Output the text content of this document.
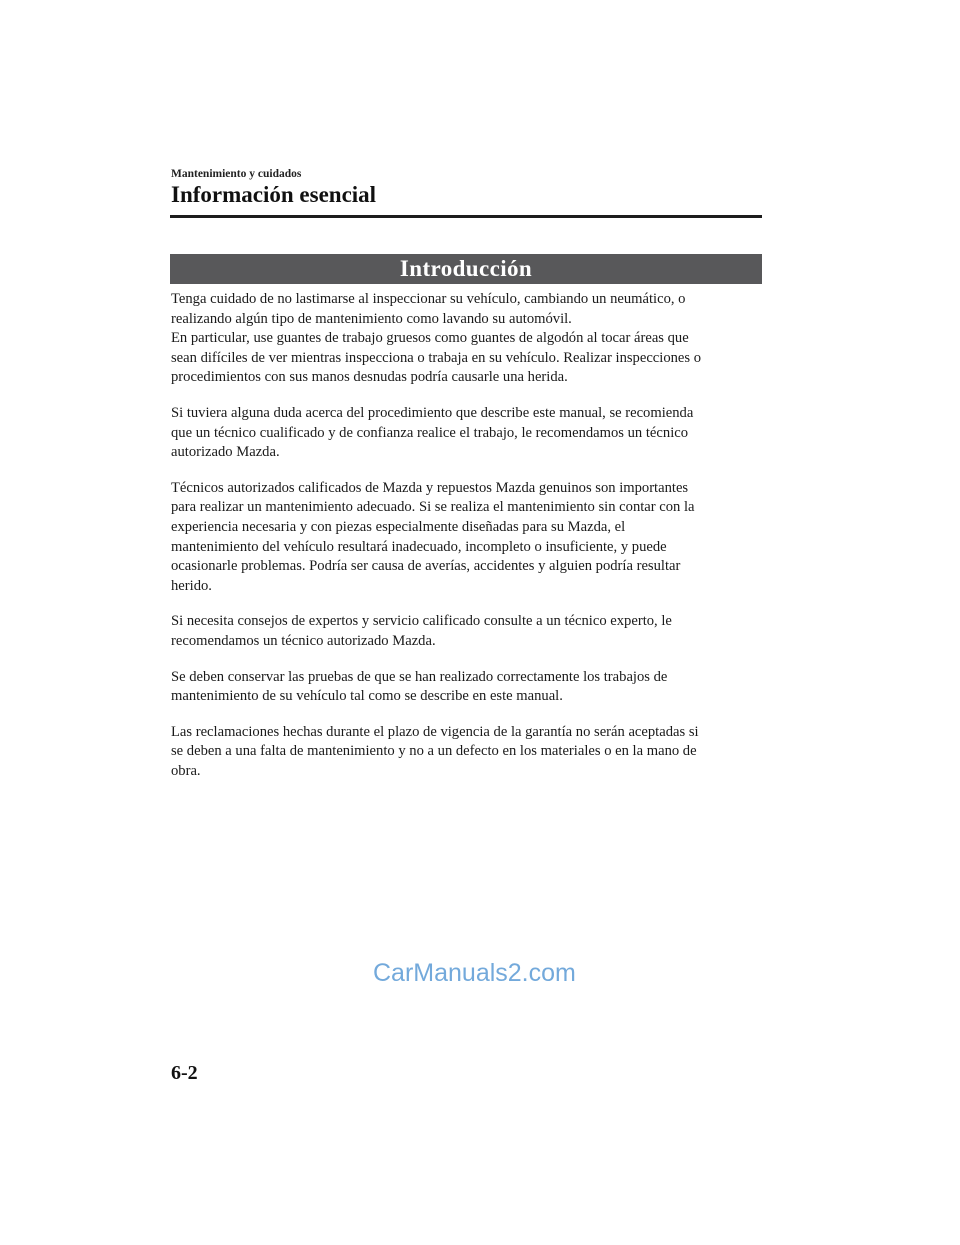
Mantenimiento y cuidados
Información esencial
Introducción

Tenga cuidado de no lastimarse al inspeccionar su vehículo, cambiando un neumático, o
realizando algún tipo de mantenimiento como lavando su automóvil.
En particular, use guantes de trabajo gruesos como guantes de algodón al tocar áreas que
sean difíciles de ver mientras inspecciona o trabaja en su vehículo. Realizar inspecciones o
procedimientos con sus manos desnudas podría causarle una herida.

Si tuviera alguna duda acerca del procedimiento que describe este manual, se recomienda
que un técnico cualificado y de confianza realice el trabajo, le recomendamos un técnico
autorizado Mazda.

Técnicos autorizados calificados de Mazda y repuestos Mazda genuinos son importantes
para realizar un mantenimiento adecuado. Si se realiza el mantenimiento sin contar con la
experiencia necesaria y con piezas especialmente diseñadas para su Mazda, el
mantenimiento del vehículo resultará inadecuado, incompleto o insuficiente, y puede
ocasionarle problemas. Podría ser causa de averías, accidentes y alguien podría resultar
herido.

Si necesita consejos de expertos y servicio calificado consulte a un técnico experto, le
recomendamos un técnico autorizado Mazda.

Se deben conservar las pruebas de que se han realizado correctamente los trabajos de
mantenimiento de su vehículo tal como se describe en este manual.

Las reclamaciones hechas durante el plazo de vigencia de la garantía no serán aceptadas si
se deben a una falta de mantenimiento y no a un defecto en los materiales o en la mano de
obra.

CarManuals2.com
6-2
